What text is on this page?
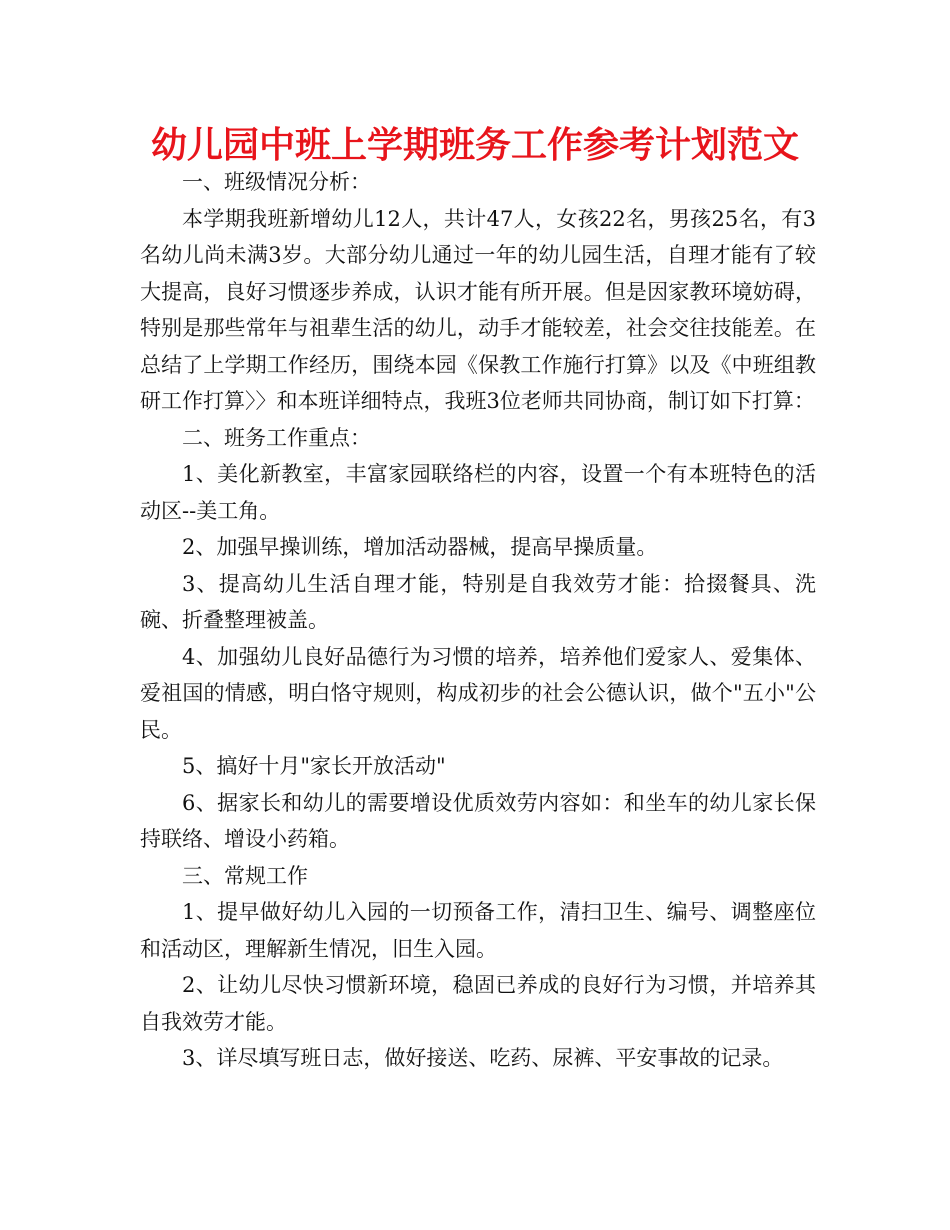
幼儿园中班上学期班务工作参考计划范文

一、班级情况分析：

本学期我班新增幼儿12人，共计47人，女孩22名，男孩25名，有3名幼儿尚未满3岁。大部分幼儿通过一年的幼儿园生活，自理才能有了较大提高，良好习惯逐步养成，认识才能有所开展。但是因家教环境妨碍，特别是那些常年与祖辈生活的幼儿，动手才能较差，社会交往技能差。在总结了上学期工作经历，围绕本园《保教工作施行打算》以及《中班组教研工作打算〉〉和本班详细特点，我班3位老师共同协商，制订如下打算：

二、班务工作重点：

1、美化新教室，丰富家园联络栏的内容，设置一个有本班特色的活动区--美工角。

2、加强早操训练，增加活动器械，提高早操质量。

3、提高幼儿生活自理才能，特别是自我效劳才能：拾掇餐具、洗碗、折叠整理被盖。

4、加强幼儿良好品德行为习惯的培养，培养他们爱家人、爱集体、爱祖国的情感，明白恪守规则，构成初步的社会公德认识，做个"五小"公民。

5、搞好十月"家长开放活动"

6、据家长和幼儿的需要增设优质效劳内容如：和坐车的幼儿家长保持联络、增设小药箱。

三、常规工作

1、提早做好幼儿入园的一切预备工作，清扫卫生、编号、调整座位和活动区，理解新生情况，旧生入园。

2、让幼儿尽快习惯新环境，稳固已养成的良好行为习惯，并培养其自我效劳才能。

3、详尽填写班日志，做好接送、吃药、尿裤、平安事故的记录。
